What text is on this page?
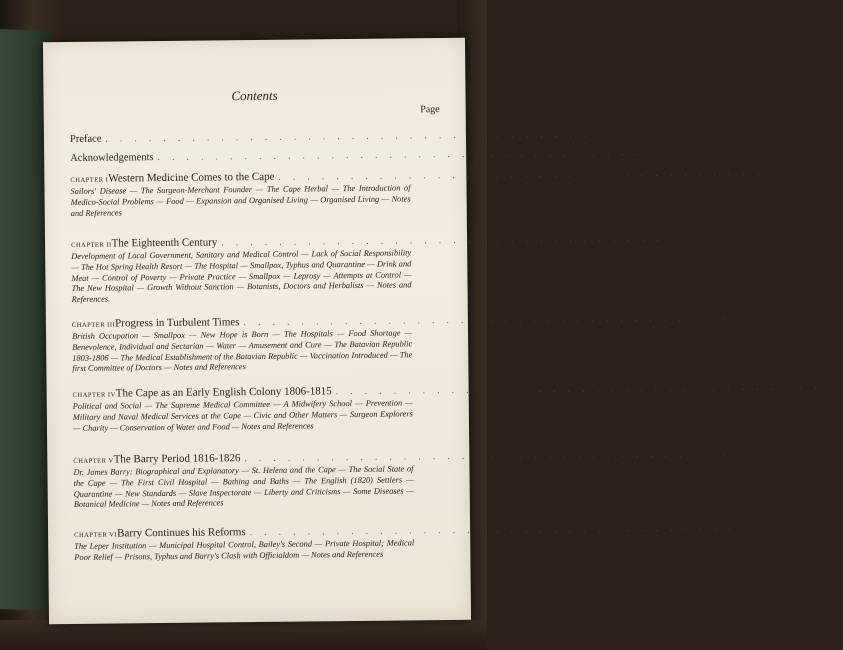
Contents
Page
Preface . . . . . . . . . . . . . . . . . . . . . . . . . . . . . . . . . . I
Acknowledgements . . . . . . . . . . . . . . . . . . . . . . . . . . . . . . . . . . xii
CHAPTER I Western Medicine Comes to the Cape . . . . . . . . . . . . . . . . . . . . . . . . . . . . . . . . . . I
Sailors' Disease — The Surgeon-Merchant Founder — The Cape Herbal — The Introduction of Medico-Social Problems — Food — Expansion and Organised Living — Organised Living — Notes and References
CHAPTER II The Eighteenth Century . . . . . . . . . . . . . . . . . . . . . . . . . . . . . . . . . . 33
Development of Local Government, Sanitary and Medical Control — Lack of Social Responsibility — The Hot Spring Health Resort — The Hospital — Smallpox, Typhus and Quarantine — Drink and Meat — Control of Poverty — Private Practice — Smallpox — Leprosy — Attempts at Control — The New Hospital — Growth Without Sanction — Botanists, Doctors and Herbalists — Notes and References.
CHAPTER III Progress in Turbulent Times . . . . . . . . . . . . . . . . . . . . . . . . . . . . . . . . . . 79
British Occupation — Smallpox — New Hope is Born — The Hospitals — Food Shortage — Benevolence, Individual and Sectarian — Water — Amusement and Cure — The Batavian Republic 1803-1806 — The Medical Establishment of the Batavian Republic — Vaccination Introduced — The first Committee of Doctors — Notes and References
CHAPTER IV The Cape as an Early English Colony 1806-1815 . . . . . . . . . . . . . . . . . . . . . . . . . . . . . . . . . . 103
Political and Social — The Supreme Medical Committee — A Midwifery School — Prevention — Military and Naval Medical Services at the Cape — Civic and Other Matters — Surgeon Explorers — Charity — Conservation of Water and Food — Notes and References
CHAPTER V The Barry Period 1816-1826 . . . . . . . . . . . . . . . . . . . . . . . . . . . . . . . . . . 132
Dr. James Barry: Biographical and Explanatory — St. Helena and the Cape — The Social State of the Cape — The First Civil Hospital — Bathing and Baths — The English (1820) Settlers — Quarantine — New Standards — Slave Inspectorate — Liberty and Criticisms — Some Diseases — Botanical Medicine — Notes and References
CHAPTER VI Barry Continues his Reforms . . . . . . . . . . . . . . . . . . . . . . . . . . . . . . . . . . 172
The Leper Institution — Municipal Hospital Control, Bailey's Second — Private Hospital; Medical Poor Relief — Prisons, Typhus and Barry's Clash with Officialdom — Notes and References
